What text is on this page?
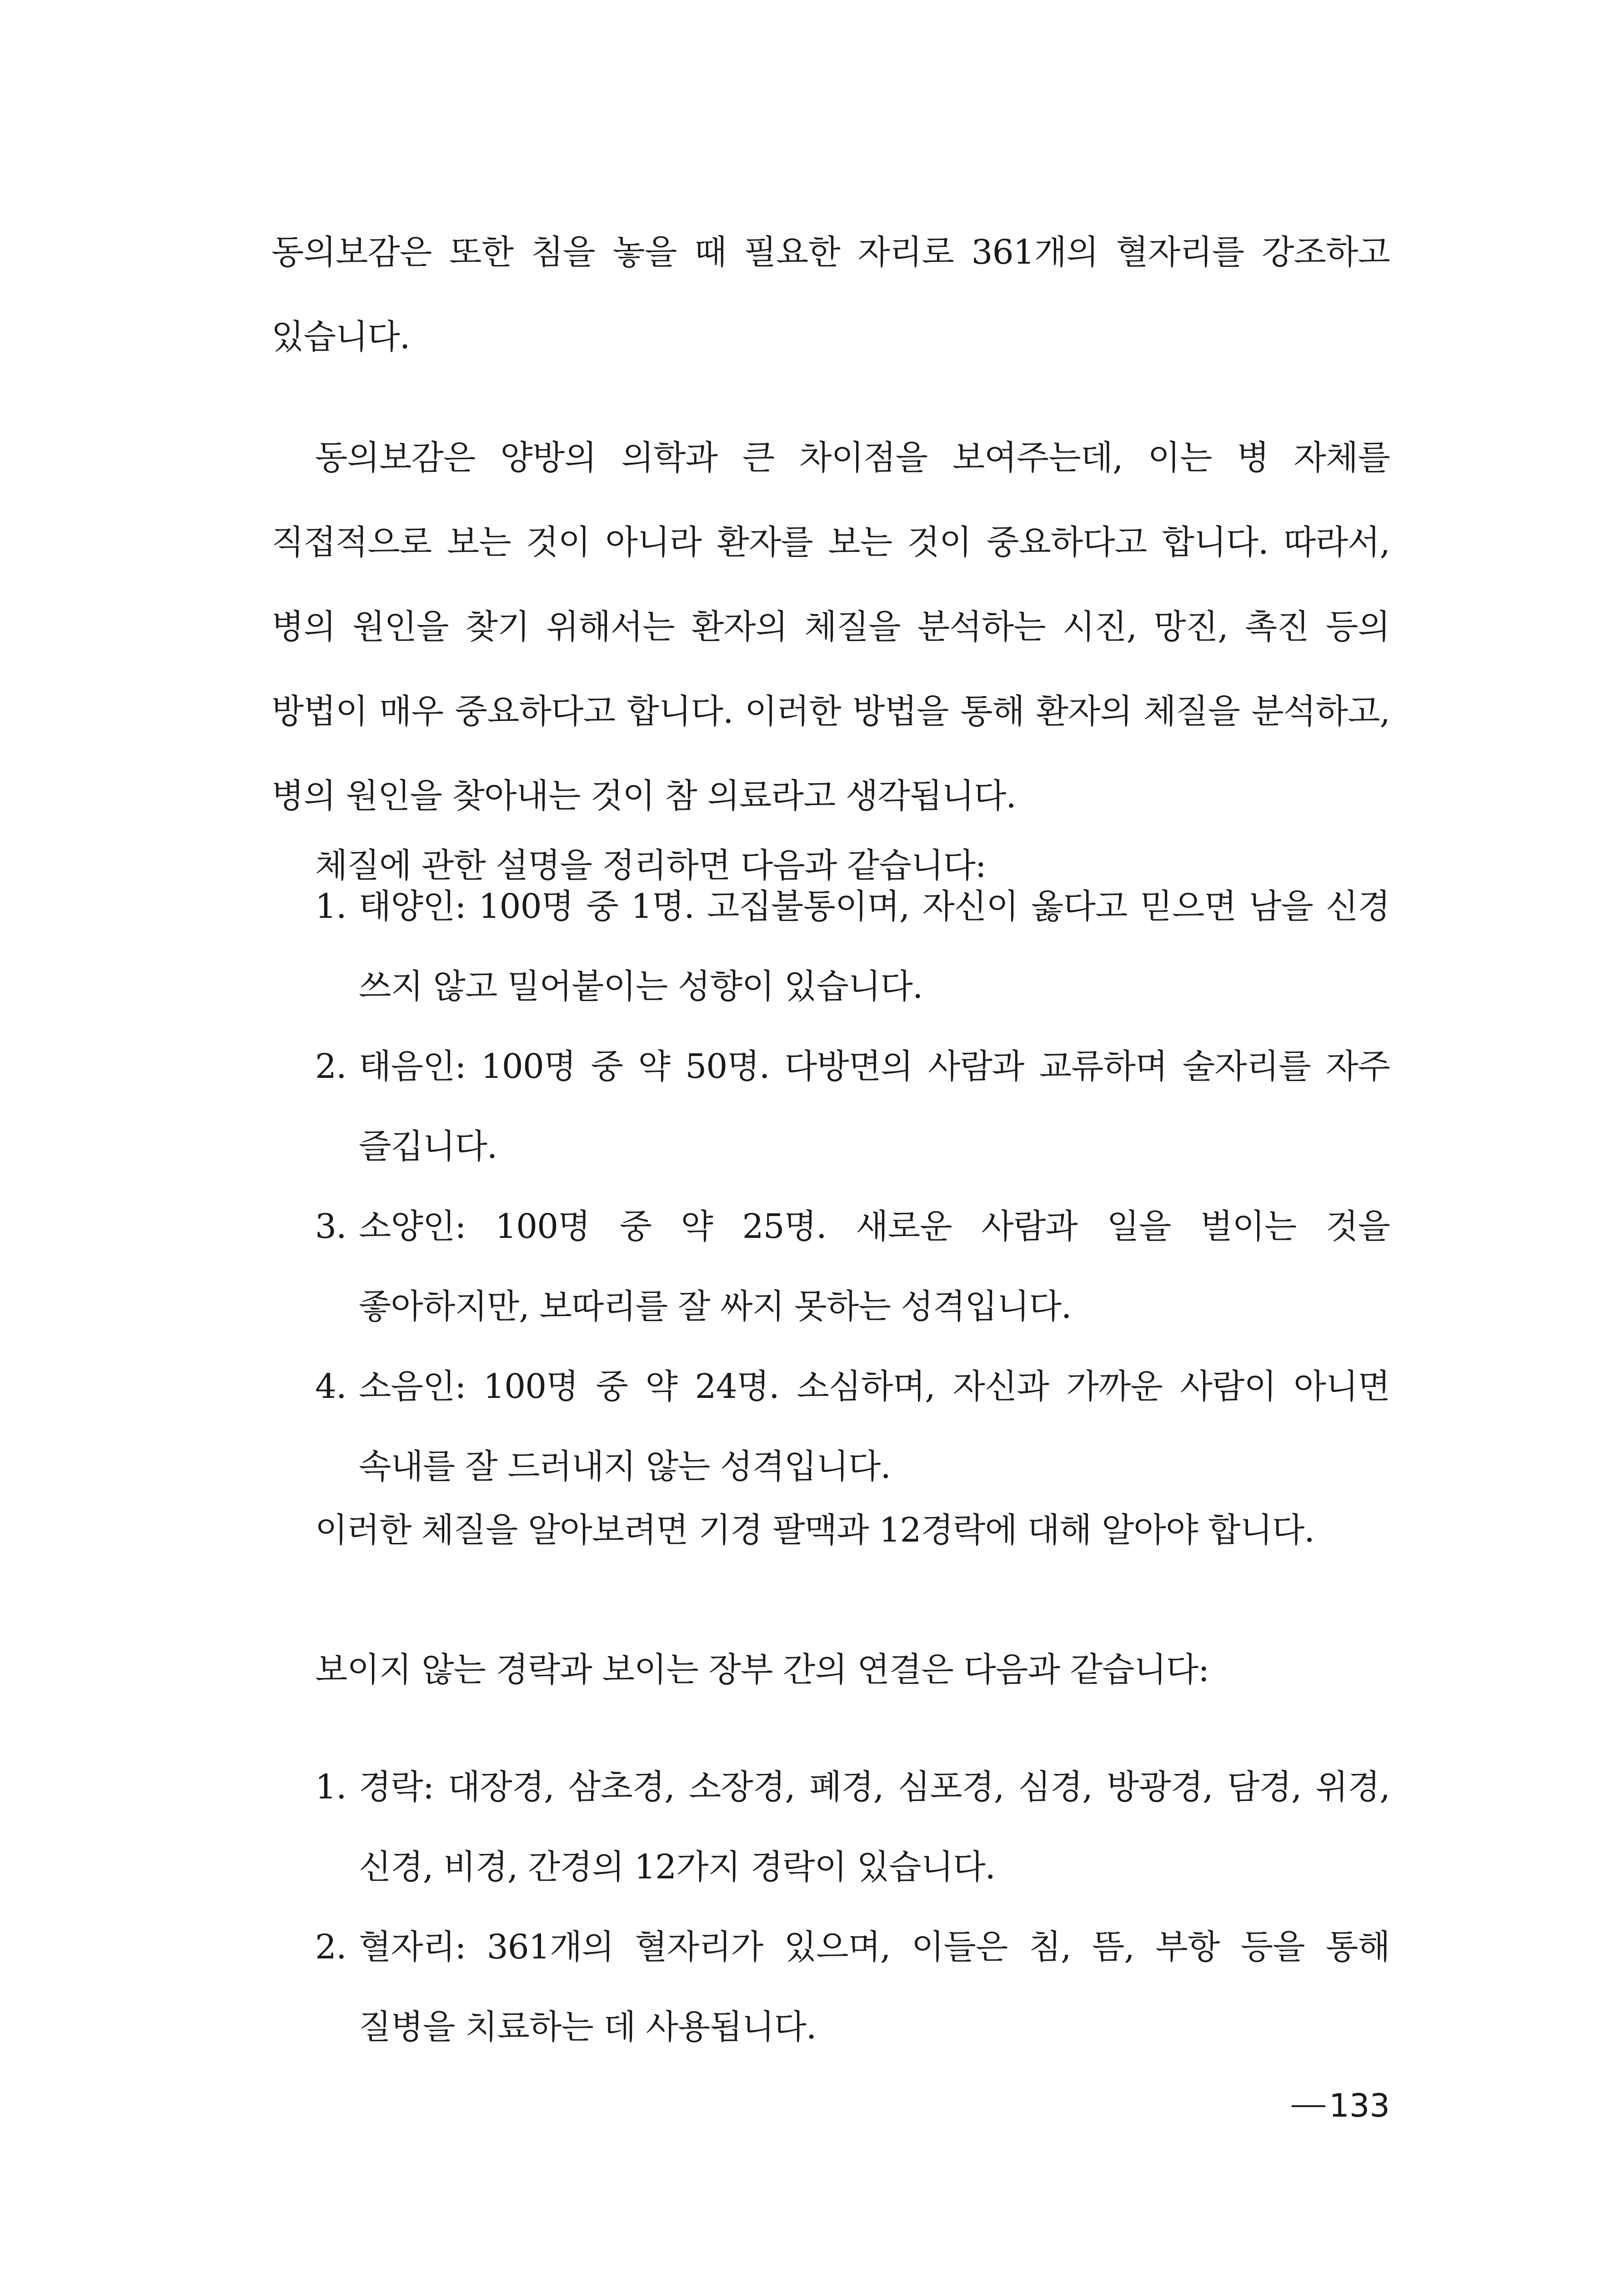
동의보감은 또한 침을 놓을 때 필요한 자리로 361개의 혈자리를 강조하고 있습니다.

동의보감은 양방의 의학과 큰 차이점을 보여주는데, 이는 병 자체를 직접적으로 보는 것이 아니라 환자를 보는 것이 중요하다고 합니다. 따라서, 병의 원인을 찾기 위해서는 환자의 체질을 분석하는 시진, 망진, 촉진 등의 방법이 매우 중요하다고 합니다. 이러한 방법을 통해 환자의 체질을 분석하고, 병의 원인을 찾아내는 것이 참 의료라고 생각됩니다.

체질에 관한 설명을 정리하면 다음과 같습니다:

1. 태양인: 100명 중 1명. 고집불통이며, 자신이 옳다고 믿으면 남을 신경 쓰지 않고 밀어붙이는 성향이 있습니다.
2. 태음인: 100명 중 약 50명. 다방면의 사람과 교류하며 술자리를 자주 즐깁니다.
3. 소양인: 100명 중 약 25명. 새로운 사람과 일을 벌이는 것을 좋아하지만, 보따리를 잘 싸지 못하는 성격입니다.
4. 소음인: 100명 중 약 24명. 소심하며, 자신과 가까운 사람이 아니면 속내를 잘 드러내지 않는 성격입니다.

이러한 체질을 알아보려면 기경 팔맥과 12경락에 대해 알아야 합니다.

보이지 않는 경락과 보이는 장부 간의 연결은 다음과 같습니다:

1. 경락: 대장경, 삼초경, 소장경, 폐경, 심포경, 심경, 방광경, 담경, 위경, 신경, 비경, 간경의 12가지 경락이 있습니다.
2. 혈자리: 361개의 혈자리가 있으며, 이들은 침, 뜸, 부항 등을 통해 질병을 치료하는 데 사용됩니다.
133
